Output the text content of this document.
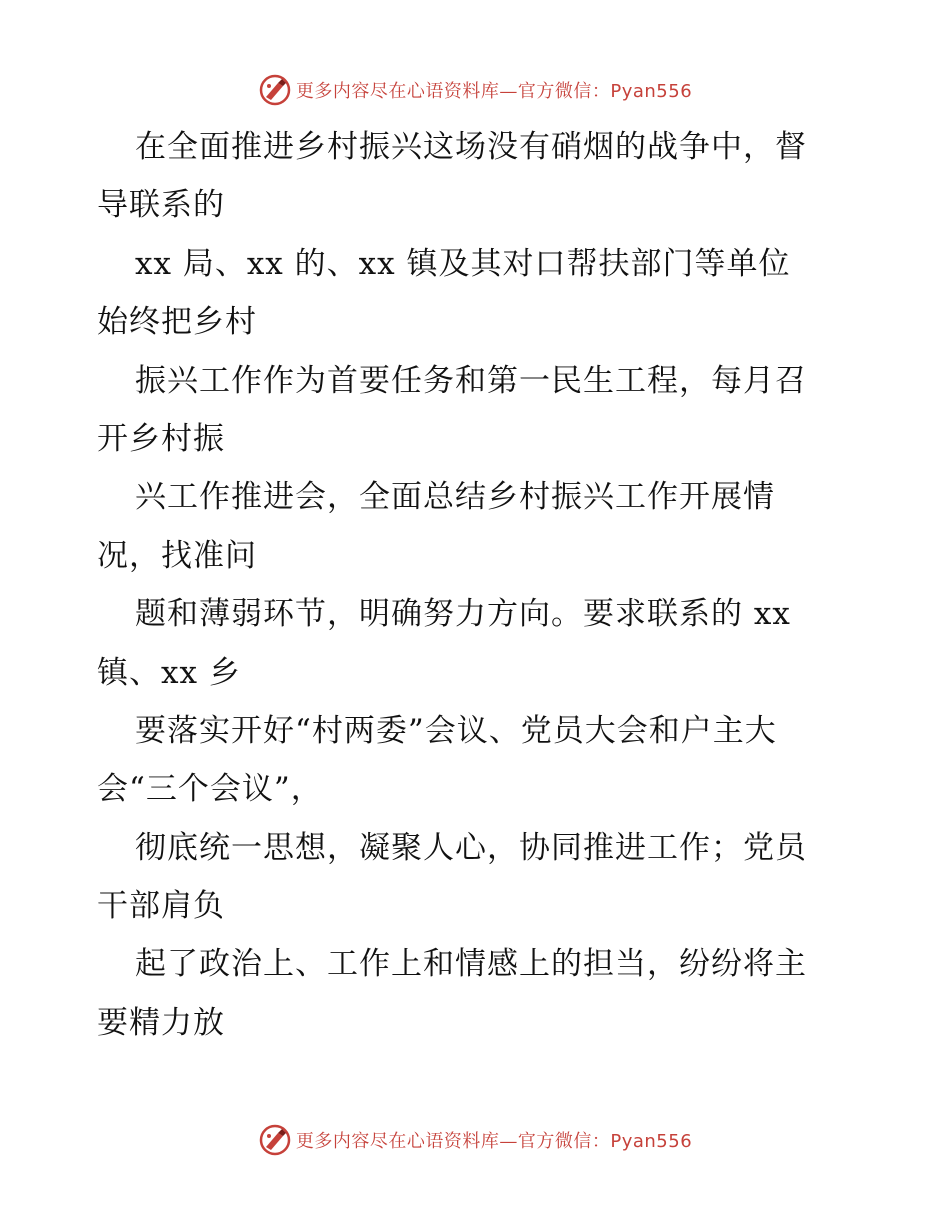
更多内容尽在心语资料库—官方微信：Pyan556
在全面推进乡村振兴这场没有硝烟的战争中，督
导联系的
xx 局、xx 的、xx 镇及其对口帮扶部门等单位
始终把乡村
振兴工作作为首要任务和第一民生工程，每月召
开乡村振
兴工作推进会，全面总结乡村振兴工作开展情
况，找准问
题和薄弱环节，明确努力方向。要求联系的 xx
镇、xx 乡
要落实开好“村两委”会议、党员大会和户主大
会“三个会议”，
彻底统一思想，凝聚人心，协同推进工作；党员
干部肩负
起了政治上、工作上和情感上的担当，纷纷将主
要精力放
更多内容尽在心语资料库—官方微信：Pyan556
